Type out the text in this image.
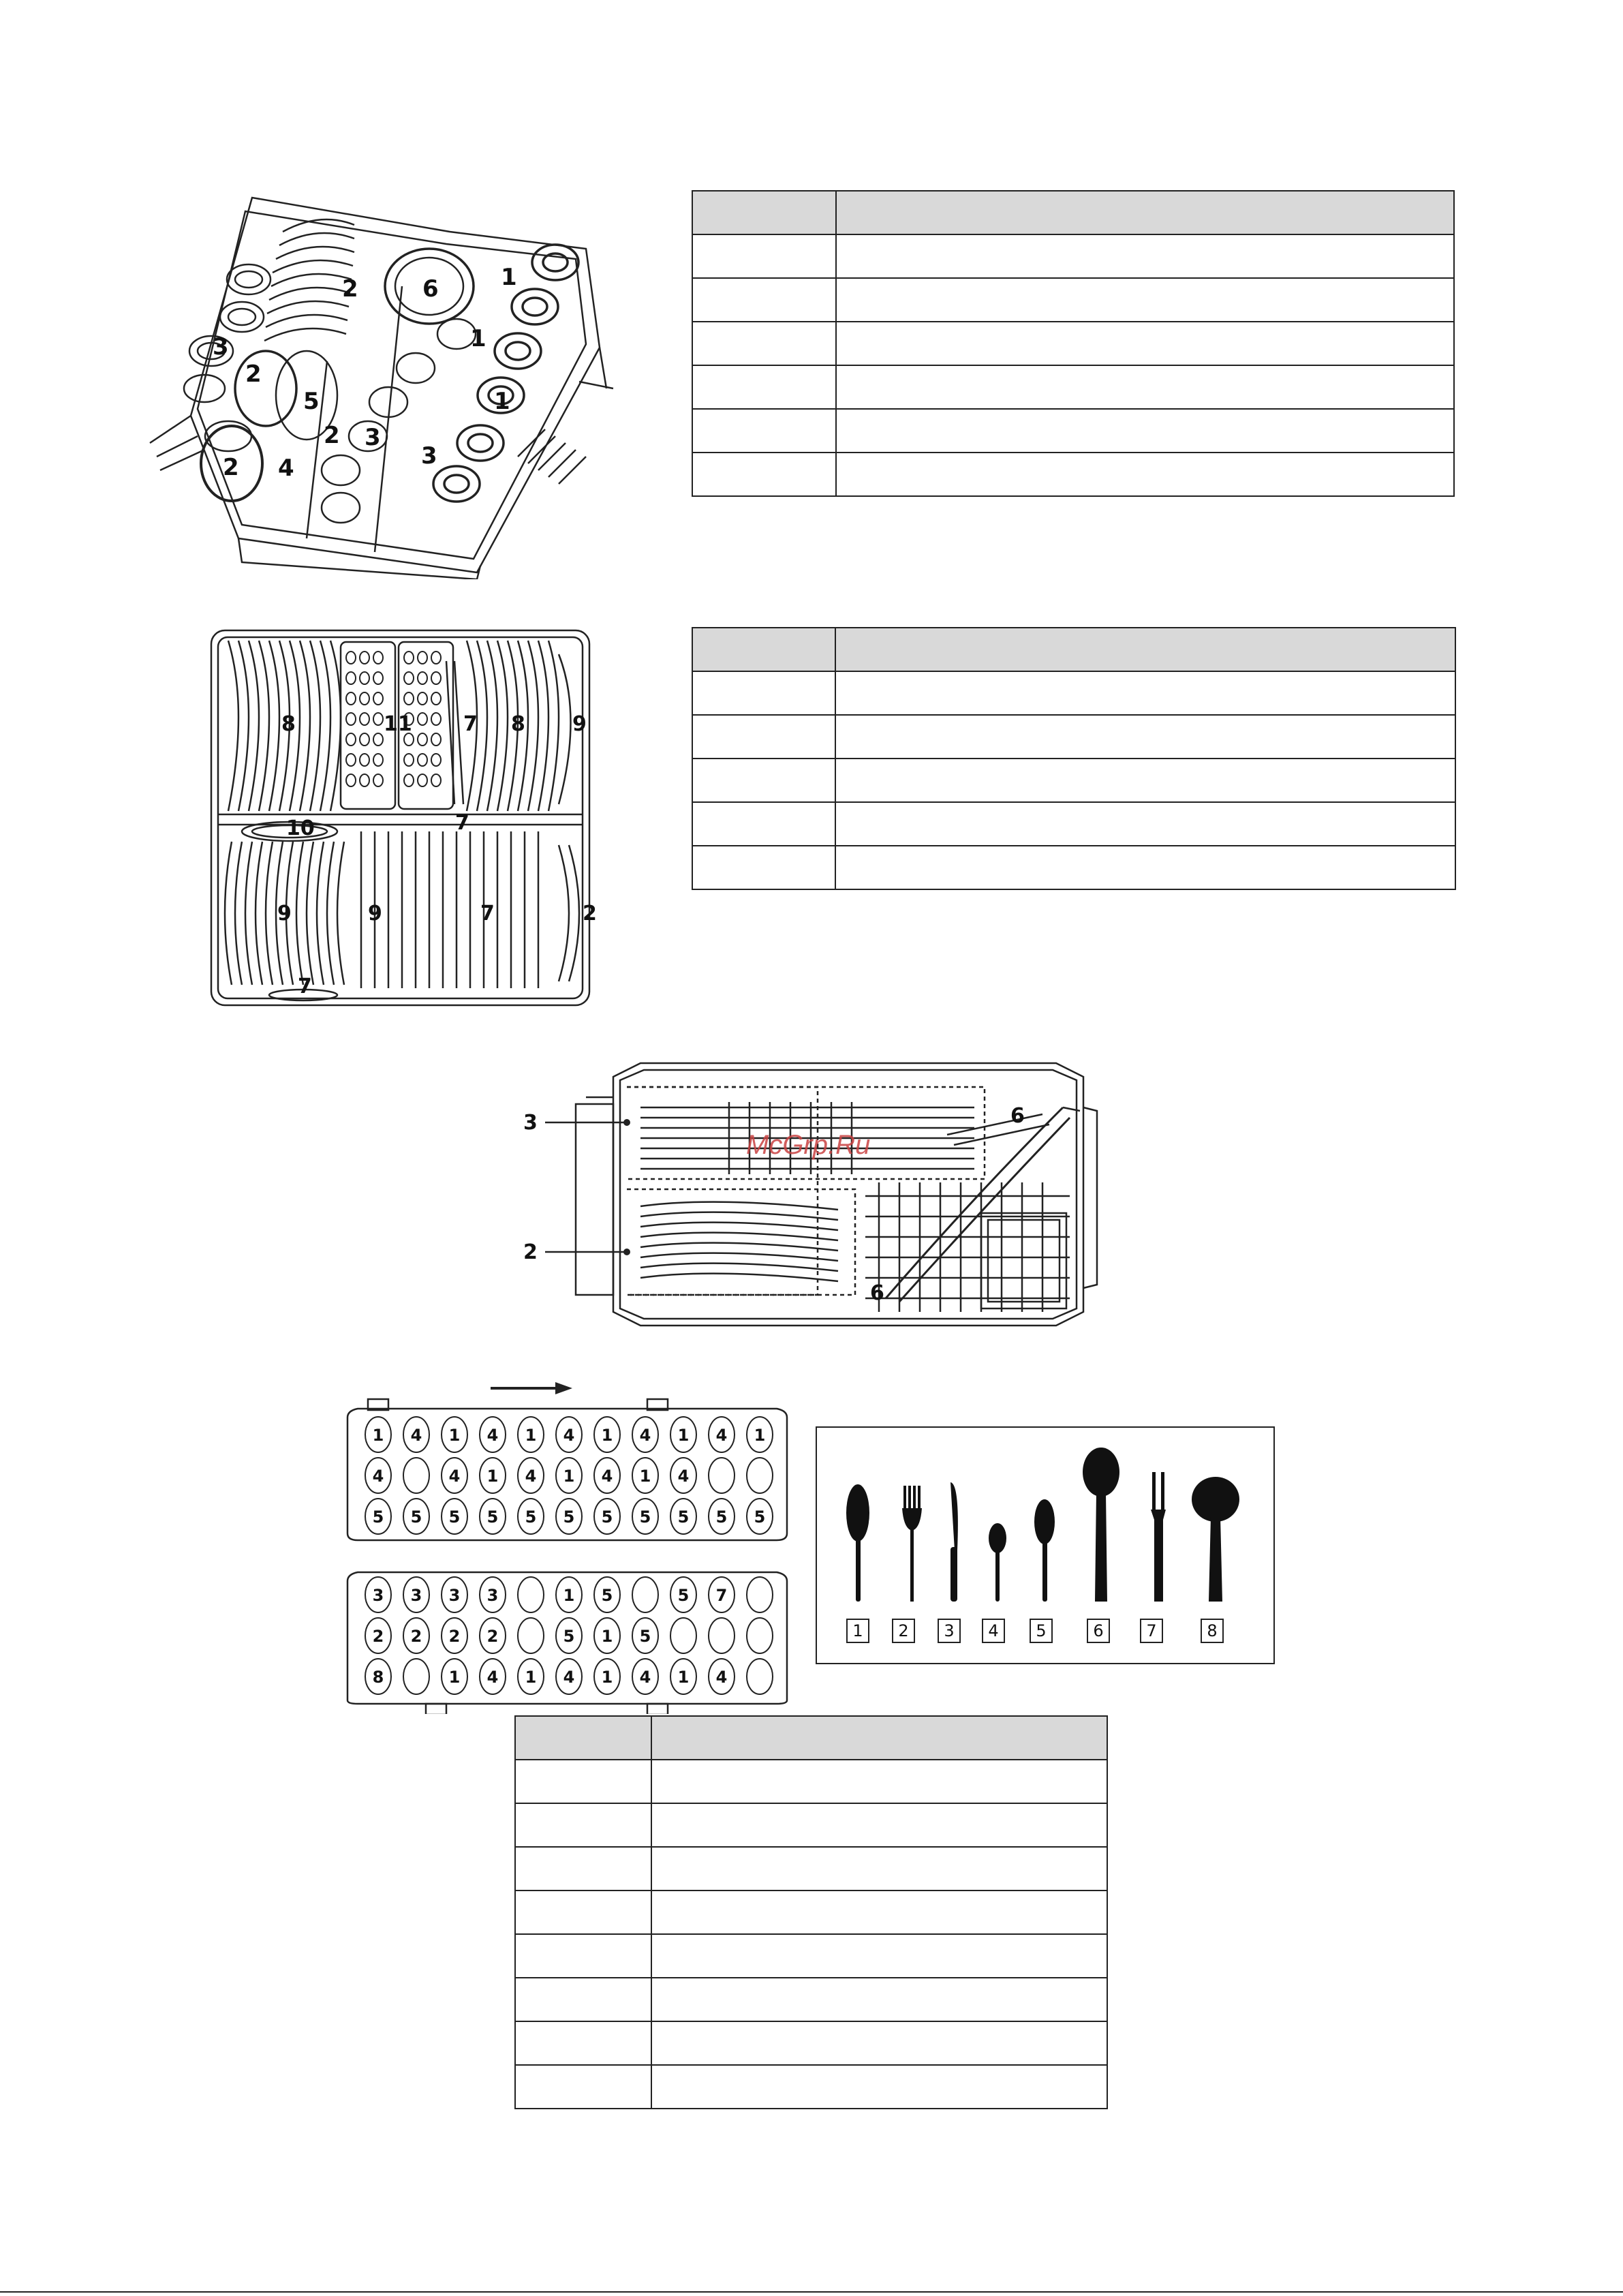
1
1
1
2
2
2
2
3
3
3
4
5
6

8	11	7 8 9
10	7
9	9	7	2
7

3
2
6
6
McGrp.Ru
1 4 1 4 1 4 1 4 1 4 1
4	4 1 4 1 4 1 4
5 5 5 5 5 5 5 5 5 5 5
3 3 3 3	1 5	5 7
2 2 2 2	5 1 5
8	1 4 1 4 1 4 1 4
1	2	3	4	5	6	7	8
